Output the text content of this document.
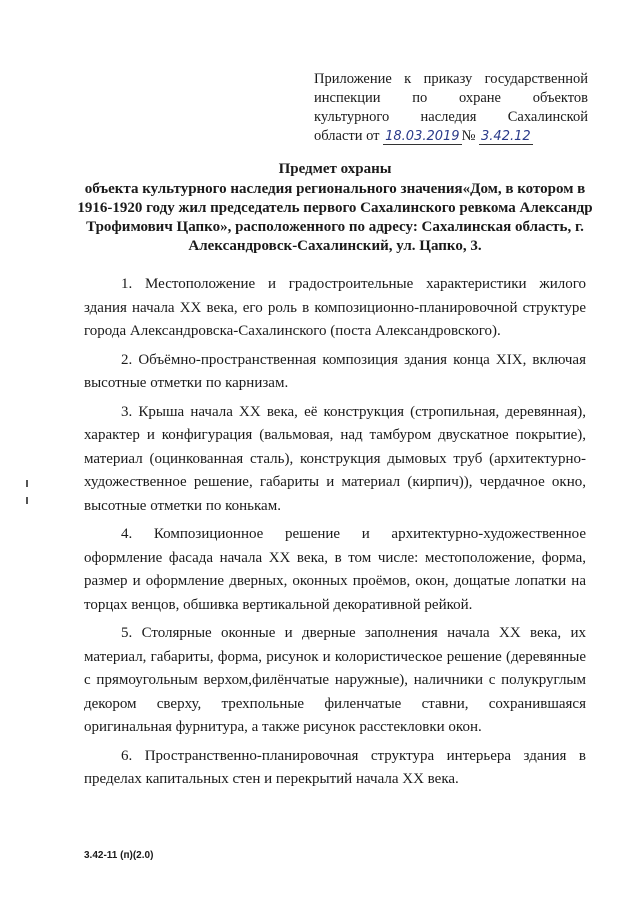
Приложение к приказу государственной
инспекции по охране объектов
культурного наследия Сахалинской
области от 18.03.2019 № 3.42.12
Предмет охраны
объекта культурного наследия регионального значения«Дом, в котором в 1916-1920 году жил председатель первого Сахалинского ревкома Александр Трофимович Цапко», расположенного по адресу: Сахалинская область, г. Александровск-Сахалинский, ул. Цапко, 3.

1. Местоположение и градостроительные характеристики жилого здания начала XX века, его роль в композиционно-планировочной структуре города Александровска-Сахалинского (поста Александровского).

2. Объёмно-пространственная композиция здания конца XIX, включая высотные отметки по карнизам.

3. Крыша начала XX века, её конструкция (стропильная, деревянная), характер и конфигурация (вальмовая, над тамбуром двускатное покрытие), материал (оцинкованная сталь), конструкция дымовых труб (архитектурно-художественное решение, габариты и материал (кирпич)), чердачное окно, высотные отметки по конькам.

4. Композиционное решение и архитектурно-художественное оформление фасада начала XX века, в том числе: местоположение, форма, размер и оформление дверных, оконных проёмов, окон, дощатые лопатки на торцах венцов, обшивка вертикальной декоративной рейкой.

5. Столярные оконные и дверные заполнения начала XX века, их материал, габариты, форма, рисунок и колористическое решение (деревянные с прямоугольным верхом,филёнчатые наружные), наличники с полукруглым декором сверху, трехпольные филенчатые ставни, сохранившаяся оригинальная фурнитура, а также рисунок расстекловки окон.

6. Пространственно-планировочная структура интерьера здания в пределах капитальных стен и перекрытий начала XX века.

3.42-11 (п)(2.0)
